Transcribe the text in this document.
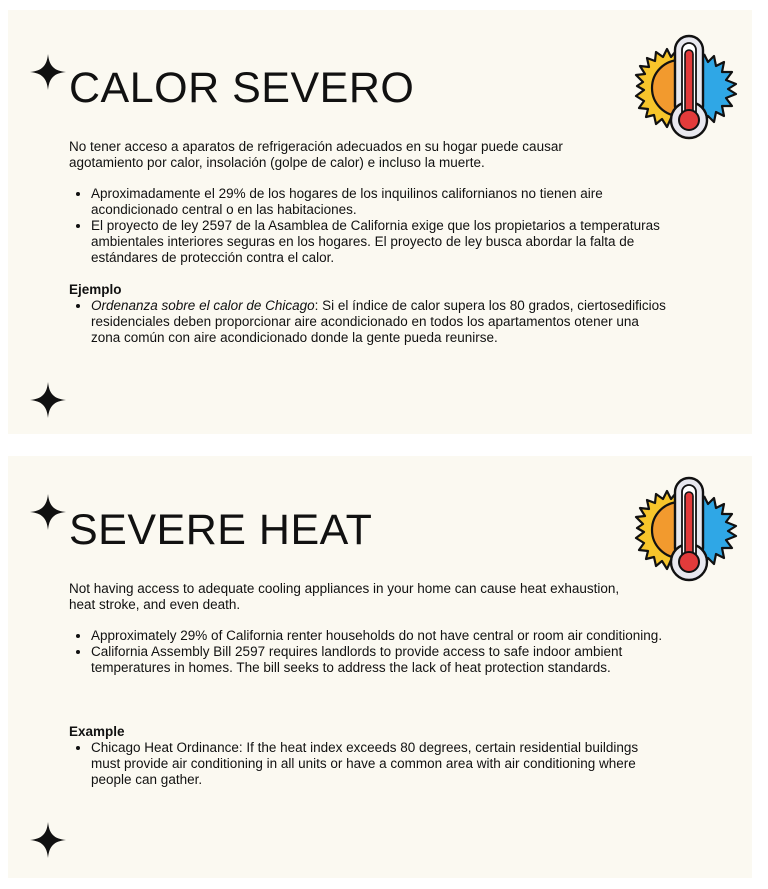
CALOR SEVERO

No tener acceso a aparatos de refrigeración adecuados en su hogar puede causar agotamiento por calor, insolación (golpe de calor) e incluso la muerte.

• Aproximadamente el 29% de los hogares de los inquilinos californianos no tienen aire acondicionado central o en las habitaciones.
• El proyecto de ley 2597 de la Asamblea de California exige que los propietarios a temperaturas ambientales interiores seguras en los hogares. El proyecto de ley busca abordar la falta de estándares de protección contra el calor.

Ejemplo

• Ordenanza sobre el calor de Chicago: Si el índice de calor supera los 80 grados, ciertosedificios residenciales deben proporcionar aire acondicionado en todos los apartamentos otener una zona común con aire acondicionado donde la gente pueda reunirse.
SEVERE HEAT

Not having access to adequate cooling appliances in your home can cause heat exhaustion, heat stroke, and even death.

• Approximately 29% of California renter households do not have central or room air conditioning.
• California Assembly Bill 2597 requires landlords to provide access to safe indoor ambient temperatures in homes. The bill seeks to address the lack of heat protection standards.

Example

• Chicago Heat Ordinance: If the heat index exceeds 80 degrees, certain residential buildings must provide air conditioning in all units or have a common area with air conditioning where people can gather.
